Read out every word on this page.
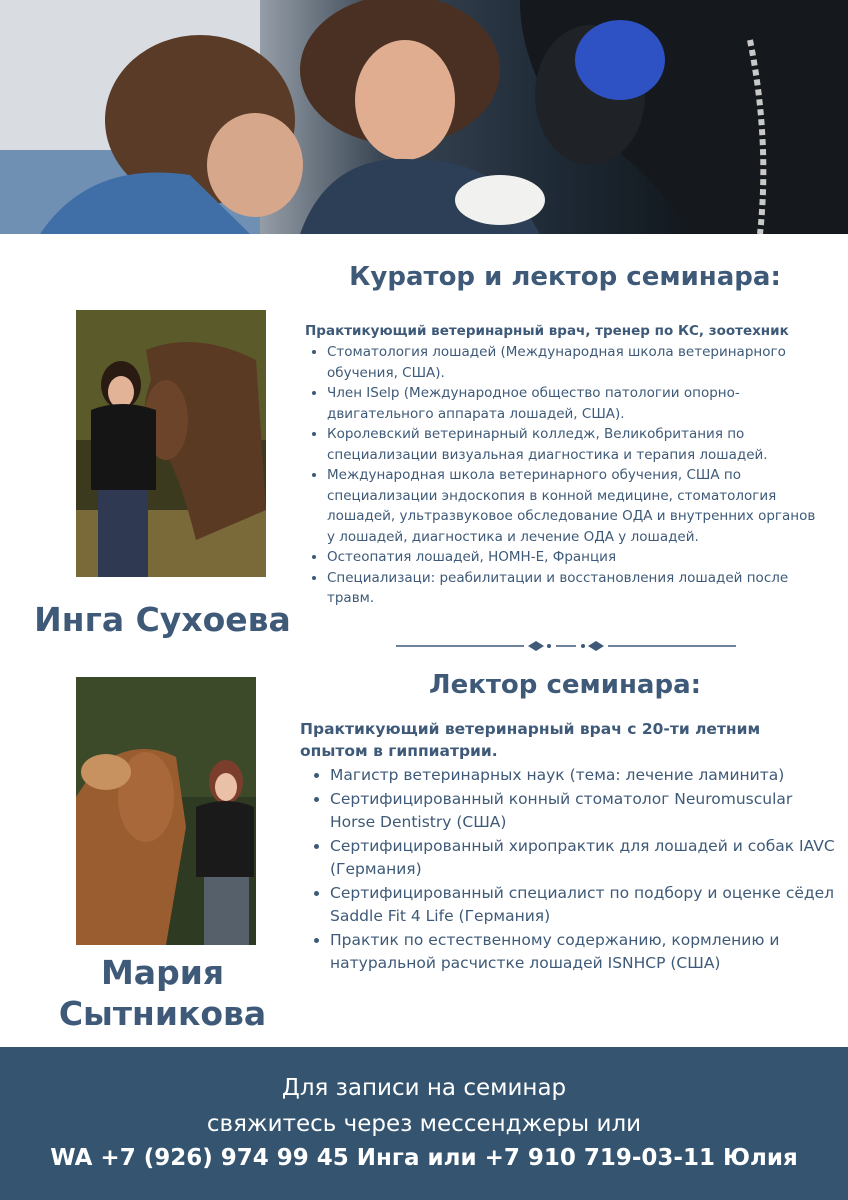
Куратор и лектор семинара:
Инга Сухоева

Практикующий ветеринарный врач, тренер по КС, зоотехник

• Стоматология лошадей (Международная школа ветеринарного обучения, США).
• Член ISelp (Международное общество патологии опорно-двигательного аппарата лошадей, США).
• Королевский ветеринарный колледж, Великобритания по специализации визуальная диагностика и терапия лошадей.
• Международная школа ветеринарного обучения, США по специализации эндоскопия в конной медицине, стоматология лошадей, ультразвуковое обследование ОДА и внутренних органов у лошадей, диагностика и лечение ОДА у лошадей.
• Остеопатия лошадей, НОМН-Е, Франция
• Специализаци: реабилитации и восстановления лошадей после травм.
Лектор семинара:
Мария
Сытникова

Практикующий ветеринарный врач с 20-ти летним опытом в гиппиатрии.

• Магистр ветеринарных наук (тема: лечение ламинита)
• Сертифицированный конный стоматолог Neuromuscular Horse Dentistry (США)
• Сертифицированный хиропрактик для лошадей и собак IAVC (Германия)
• Сертифицированный специалист по подбору и оценке сёдел Saddle Fit 4 Life (Германия)
• Практик по естественному содержанию, кормлению и натуральной расчистке лошадей ISNHCP (США)

Для записи на семинар

свяжитесь через мессенджеры или

WA +7 (926) 974 99 45 Инга или +7 910 719-03-11 Юлия
